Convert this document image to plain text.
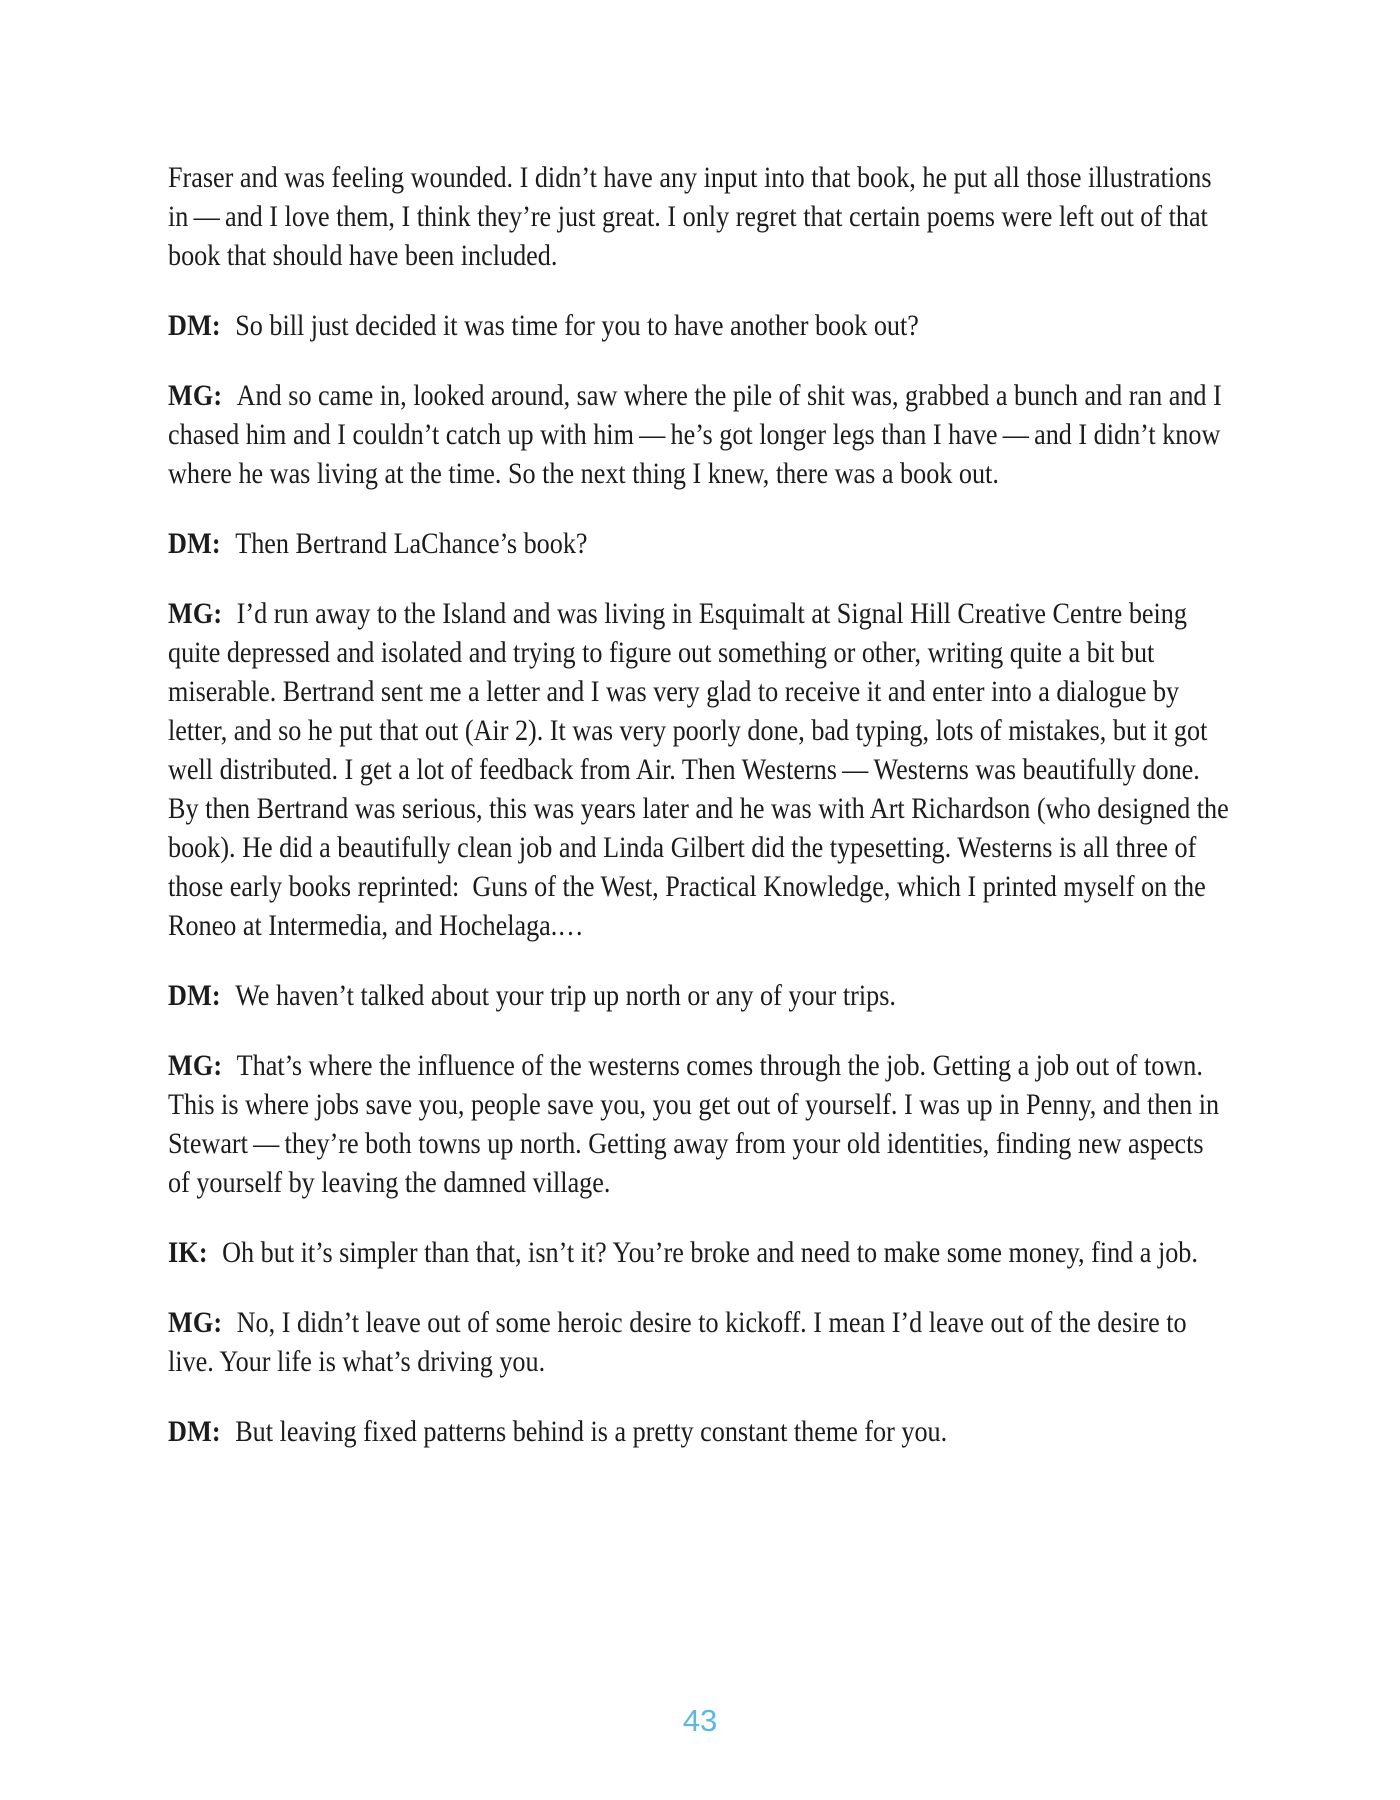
Fraser and was feeling wounded. I didn’t have any input into that book, he put all those illustrations in — and I love them, I think they’re just great. I only regret that certain poems were left out of that book that should have been included.

DM: So bill just decided it was time for you to have another book out?

MG: And so came in, looked around, saw where the pile of shit was, grabbed a bunch and ran and I chased him and I couldn’t catch up with him — he’s got longer legs than I have — and I didn’t know where he was living at the time. So the next thing I knew, there was a book out.

DM: Then Bertrand LaChance’s book?

MG: I’d run away to the Island and was living in Esquimalt at Signal Hill Creative Centre being quite depressed and isolated and trying to figure out something or other, writing quite a bit but miserable. Bertrand sent me a letter and I was very glad to receive it and enter into a dialogue by letter, and so he put that out (Air 2). It was very poorly done, bad typing, lots of mistakes, but it got well distributed. I get a lot of feedback from Air. Then Westerns — Westerns was beautifully done. By then Bertrand was serious, this was years later and he was with Art Richardson (who designed the book). He did a beautifully clean job and Linda Gilbert did the typesetting. Westerns is all three of those early books reprinted: Guns of the West, Practical Knowledge, which I printed myself on the Roneo at Intermedia, and Hochelaga.…

DM: We haven’t talked about your trip up north or any of your trips.

MG: That’s where the influence of the westerns comes through the job. Getting a job out of town. This is where jobs save you, people save you, you get out of yourself. I was up in Penny, and then in Stewart — they’re both towns up north. Getting away from your old identities, finding new aspects of yourself by leaving the damned village.

IK: Oh but it’s simpler than that, isn’t it? You’re broke and need to make some money, find a job.

MG: No, I didn’t leave out of some heroic desire to kickoff. I mean I’d leave out of the desire to live. Your life is what’s driving you.

DM: But leaving fixed patterns behind is a pretty constant theme for you.

43
